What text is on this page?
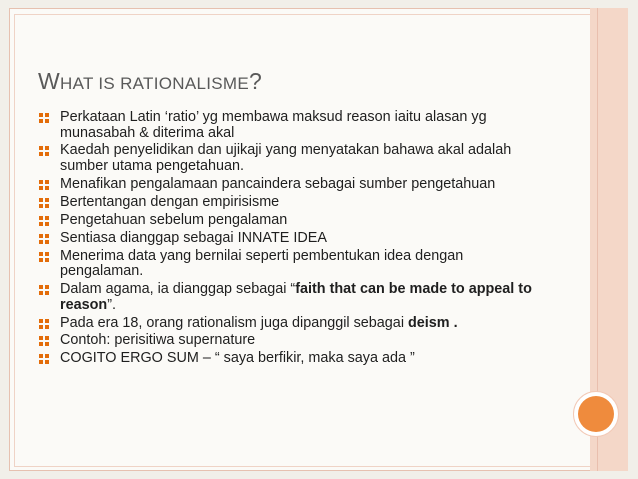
WHAT IS RATIONALISME?
Perkataan Latin ‘ratio’ yg membawa maksud reason iaitu alasan yg munasabah & diterima akal
Kaedah penyelidikan dan ujikaji yang menyatakan bahawa akal adalah sumber utama pengetahuan.
Menafikan pengalamaan pancaindera sebagai sumber pengetahuan
Bertentangan dengan empirisisme
Pengetahuan sebelum pengalaman
Sentiasa dianggap sebagai INNATE IDEA
Menerima data yang bernilai seperti pembentukan idea dengan pengalaman.
Dalam agama, ia dianggap sebagai “faith that can be made to appeal to reason”.
Pada era 18, orang rationalism juga dipanggil sebagai deism .
Contoh: perisitiwa supernature
COGITO ERGO SUM – “ saya berfikir, maka saya ada ”
